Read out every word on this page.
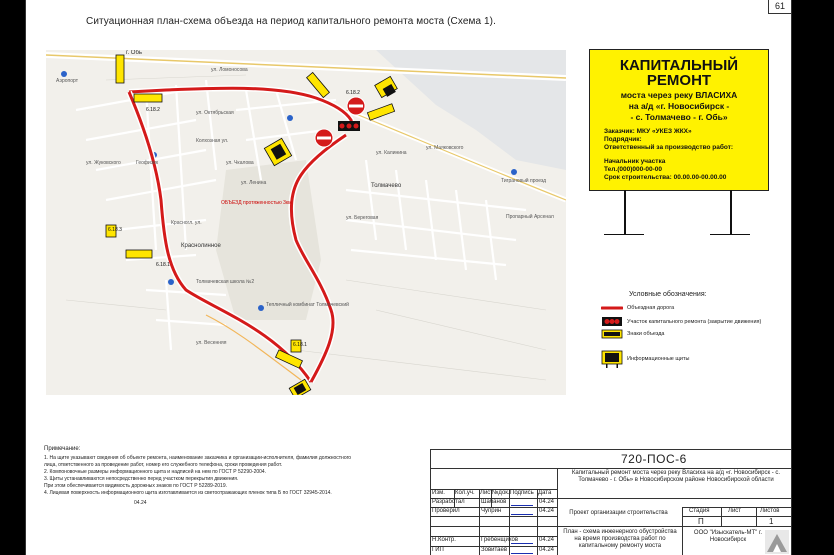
61
Ситуационная план-схема объезда на период капитального ремонта моста (Схема 1).
г. Обь
Аэропорт
ул. Ломоносова
ул. Жуковского
ул. Октябрьская
Колхозная ул.
ул. Чкалова
ул. Ленина
Геофизик
ул. Калинина
ул. Маяковского
ул. Береговая
Толмачево
Тиграновый проезд
Красногл. ул.
Краснолинное
Толмачевская школа №2
Тепличный комбинат Толмачевский
ул. Весенняя
Пропарный Арсенал
ОБЪЕЗД протяженностью 3км
6.18.2
6.18.1
6.18.3
6.18.2
6.18.1
КАПИТАЛЬНЫЙ
РЕМОНТ
моста через реку ВЛАСИХА
на а/д «г. Новосибирск -
- с. Толмачево - г. Обь»
Заказчик: МКУ «УКЕЗ ЖКХ»
Подрядчик:
Ответственный за производство работ:
Начальник участка
Тел.(000)000-00-00
Срок строительства: 00.00.00-00.00.00
Условные обозначения:
Объездная дорога
Участок капитального ремонта (закрытие движения)
Знаки объезда
Информационные щиты
Примечание:
1. На щите указывают сведения об объекте ремонта, наименование заказчика и организации-исполнителя, фамилия должностного
лица, ответственного за проведение работ, номер его служебного телефона, сроки проведения работ.
2. Компоновочные размеры информационного щита и надписей на нем по ГОСТ Р 52290-2004.
3. Щиты устанавливаются непосредственно перед участком перекрытия движения.
При этом обеспечивается видимость дорожных знаков по ГОСТ Р 52289-2019.
4. Лицевая поверхность информационного щита изготавливается из светоотражающих пленок типа Б по ГОСТ 32945-2014.
04.24
720-ПОС-6
Капитальный ремонт моста через реку Власиха на а/д «г. Новосибирск - с. Толмачево - г. Обь» в Новосибирском районе Новосибирской области
Изм. Кол.уч. Лист
№док. Подпись Дата
Разработал	Шабанов	04.24
Проверил	Чуприн	04.24
Н.Контр.	Гребенщиков	04.24
ГИП	Зовитаев	04.24
Проект организации строительства
План - схема инженерного обустройства на время производства работ по капитальному ремонту моста
Стадия	Лист	Листов
П	1
ООО "Изыскатель-МТ" г. Новосибирск
